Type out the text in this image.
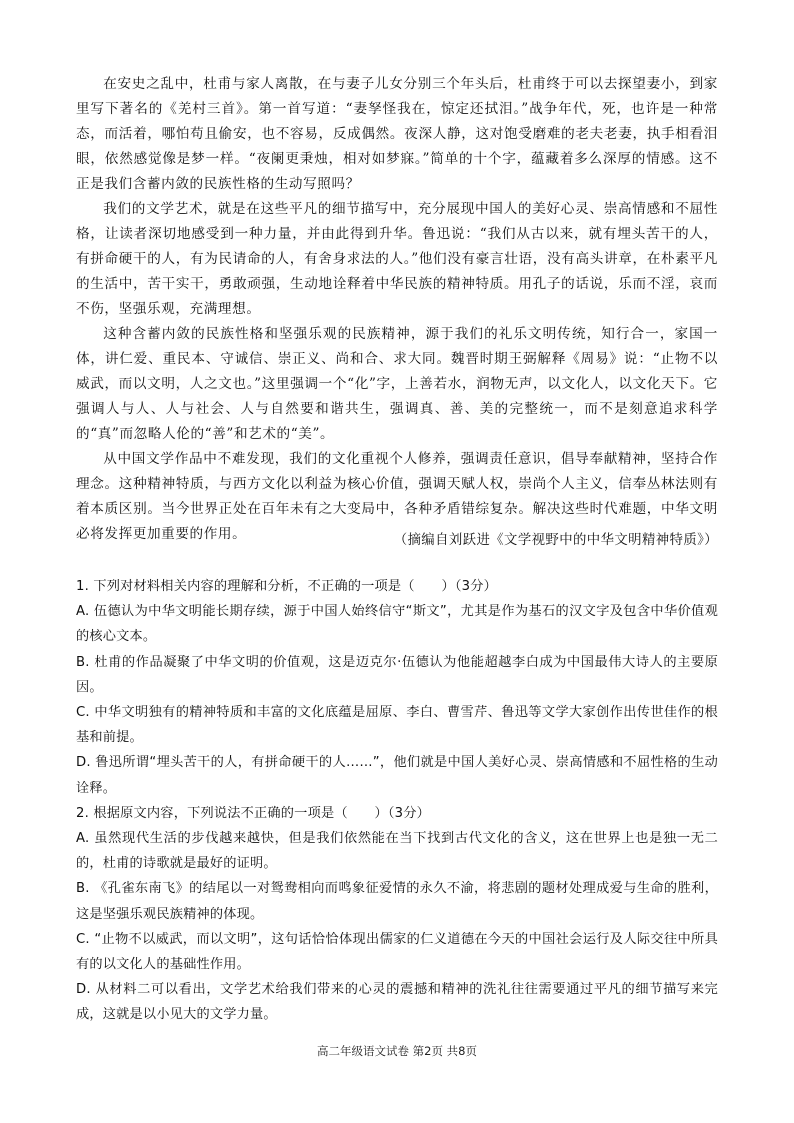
在安史之乱中，杜甫与家人离散，在与妻子儿女分别三个年头后，杜甫终于可以去探望妻小，到家里写下著名的《羌村三首》。第一首写道：“妻孥怪我在，惊定还拭泪。”战争年代，死，也许是一种常态，而活着，哪怕苟且偷安，也不容易，反成偶然。夜深人静，这对饱受磨难的老夫老妻，执手相看泪眼，依然感觉像是梦一样。“夜阑更秉烛，相对如梦寐。”简单的十个字，蕴藏着多么深厚的情感。这不正是我们含蓄内敛的民族性格的生动写照吗？

我们的文学艺术，就是在这些平凡的细节描写中，充分展现中国人的美好心灵、崇高情感和不屈性格，让读者深切地感受到一种力量，并由此得到升华。鲁迅说：“我们从古以来，就有埋头苦干的人，有拼命硬干的人，有为民请命的人，有舍身求法的人。”他们没有豪言壮语，没有高头讲章，在朴素平凡的生活中，苦干实干，勇敢顽强，生动地诠释着中华民族的精神特质。用孔子的话说，乐而不淫，哀而不伤，坚强乐观，充满理想。

这种含蓄内敛的民族性格和坚强乐观的民族精神，源于我们的礼乐文明传统，知行合一，家国一体，讲仁爱、重民本、守诚信、崇正义、尚和合、求大同。魏晋时期王弼解释《周易》说：“止物不以威武，而以文明，人之文也。”这里强调一个“化”字，上善若水，润物无声，以文化人，以文化天下。它强调人与人、人与社会、人与自然要和谐共生，强调真、善、美的完整统一，而不是刻意追求科学的“真”而忽略人伦的“善”和艺术的“美”。

从中国文学作品中不难发现，我们的文化重视个人修养，强调责任意识，倡导奉献精神，坚持合作理念。这种精神特质，与西方文化以利益为核心价值，强调天赋人权，崇尚个人主义，信奉丛林法则有着本质区别。当今世界正处在百年未有之大变局中，各种矛盾错综复杂。解决这些时代难题，中华文明必将发挥更加重要的作用。	（摘编自刘跃进《文学视野中的中华文明精神特质》）
1. 下列对材料相关内容的理解和分析，不正确的一项是（　　）（3分）
A. 伍德认为中华文明能长期存续，源于中国人始终信守“斯文”，尤其是作为基石的汉文字及包含中华价值观的核心文本。
B. 杜甫的作品凝聚了中华文明的价值观，这是迈克尔·伍德认为他能超越李白成为中国最伟大诗人的主要原因。
C. 中华文明独有的精神特质和丰富的文化底蕴是屈原、李白、曹雪芹、鲁迅等文学大家创作出传世佳作的根基和前提。
D. 鲁迅所谓“埋头苦干的人，有拼命硬干的人……”，他们就是中国人美好心灵、崇高情感和不屈性格的生动诠释。
2. 根据原文内容，下列说法不正确的一项是（　　）（3分）
A. 虽然现代生活的步伐越来越快，但是我们依然能在当下找到古代文化的含义，这在世界上也是独一无二的，杜甫的诗歌就是最好的证明。
B. 《孔雀东南飞》的结尾以一对鸳鸯相向而鸣象征爱情的永久不渝，将悲剧的题材处理成爱与生命的胜利，这是坚强乐观民族精神的体现。
C. “止物不以威武，而以文明”，这句话恰恰体现出儒家的仁义道德在今天的中国社会运行及人际交往中所具有的以文化人的基础性作用。
D. 从材料二可以看出，文学艺术给我们带来的心灵的震撼和精神的洗礼往往需要通过平凡的细节描写来完成，这就是以小见大的文学力量。
高二年级语文试卷 第2页 共8页
